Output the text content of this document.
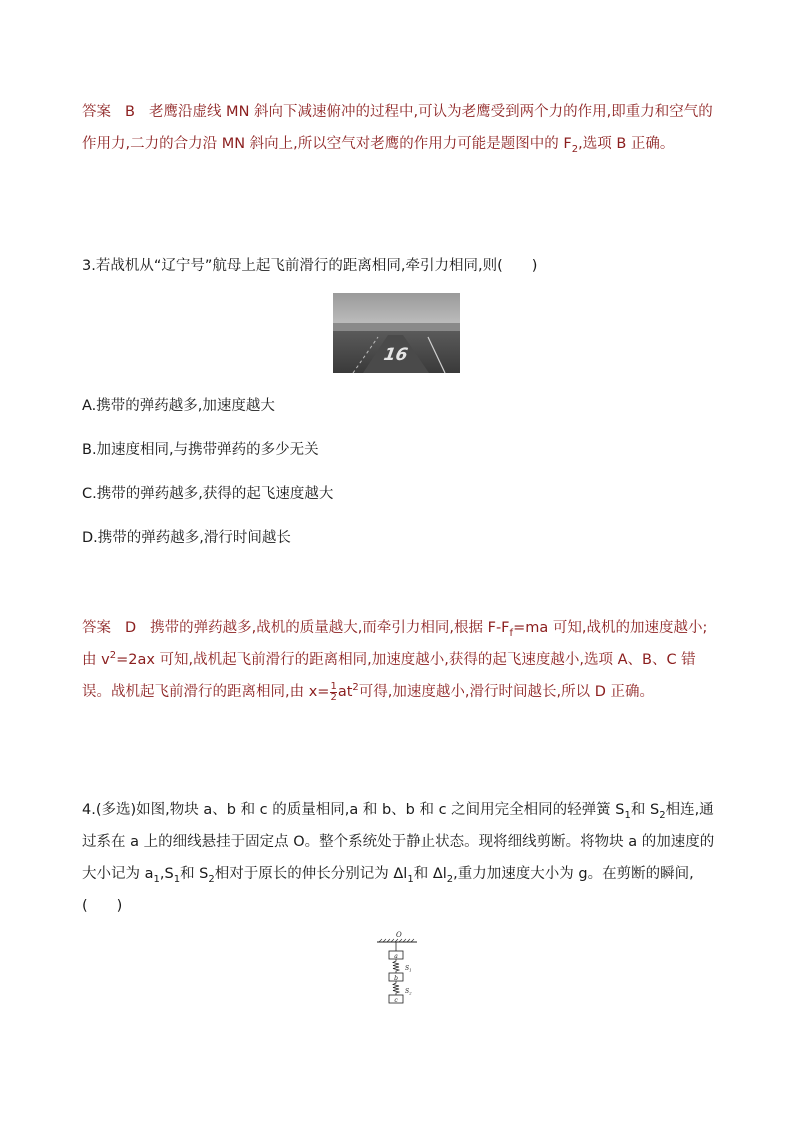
答案 B 老鹰沿虚线 MN 斜向下减速俯冲的过程中,可认为老鹰受到两个力的作用,即重力和空气的作用力,二力的合力沿 MN 斜向上,所以空气对老鹰的作用力可能是题图中的 $F_2$,选项 B 正确。
3.若战机从“辽宁号”航母上起飞前滑行的距离相同,牵引力相同,则(　　)
16
A.携带的弹药越多,加速度越大
B.加速度相同,与携带弹药的多少无关
C.携带的弹药越多,获得的起飞速度越大
D.携带的弹药越多,滑行时间越长
答案 D 携带的弹药越多,战机的质量越大,而牵引力相同,根据 $F-F_f=ma$ 可知,战机的加速度越小;由 $v^2=2ax$ 可知,战机起飞前滑行的距离相同,加速度越小,获得的起飞速度越小,选项 A、B、C 错误。战机起飞前滑行的距离相同,由 $x= \frac{1}{2} at^2$可得,加速度越小,滑行时间越长,所以 D 正确。
4.(多选)如图,物块 a、b 和 c 的质量相同,a 和 b、b 和 c 之间用完全相同的轻弹簧 $S_1$和 $S_2$相连,通过系在 a 上的细线悬挂于固定点 O。整个系统处于静止状态。现将细线剪断。将物块 a 的加速度的大小记为 $a_1,S_1$和 $S_2$相对于原长的伸长分别记为 $\Delta l_1$和 $\Delta l_2$,重力加速度大小为 g。在剪断的瞬间,(　　)
O
a
$S_1$
b
$S_2$
c
